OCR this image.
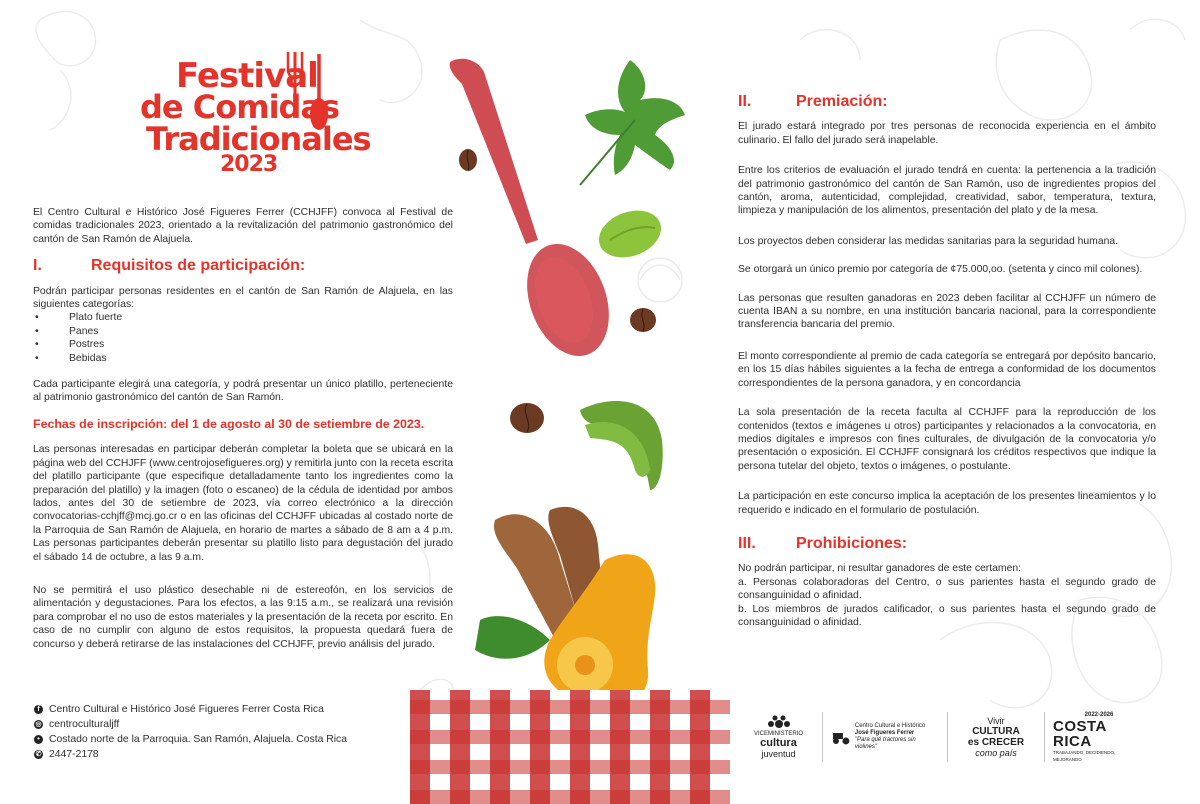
Festival
de Comidas
Tradicionales
2023

El Centro Cultural e Histórico José Figueres Ferrer (CCHJFF) convoca al Festival de comidas tradicionales 2023, orientado a la revitalización del patrimonio gastronómico del cantón de San Ramón de Alajuela.

I.	Requisitos de participación:

Podrán participar personas residentes en el cantón de San Ramón de Alajuela, en las siguientes categorías:

•	Plato fuerte
•	Panes
•	Postres
•	Bebidas

Cada participante elegirá una categoría, y podrá presentar un único platillo, perteneciente al patrimonio gastronómico del cantón de San Ramón.

Fechas de inscripción: del 1 de agosto al 30 de setiembre de 2023.

Las personas interesadas en participar deberán completar la boleta que se ubicará en la página web del CCHJFF (www.centrojosefigueres.org) y remitirla junto con la receta escrita del platillo participante (que especifique detalladamente tanto los ingredientes como la preparación del platillo) y la imagen (foto o escaneo) de la cédula de identidad por ambos lados, antes del 30 de setiembre de 2023, vía correo electrónico a la dirección convocatorias-cchjff@mcj.go.cr o en las oficinas del CCHJFF ubicadas al costado norte de la Parroquia de San Ramón de Alajuela, en horario de martes a sábado de 8 am a 4 p.m. Las personas participantes deberán presentar su platillo listo para degustación del jurado el sábado 14 de octubre, a las 9 a.m.

No se permitirá el uso plástico desechable ni de estereofón, en los servicios de alimentación y degustaciones. Para los efectos, a las 9:15 a.m., se realizará una revisión para comprobar el no uso de estos materiales y la presentación de la receta por escrito. En caso de no cumplir con alguno de estos requisitos, la propuesta quedará fuera de concurso y deberá retirarse de las instalaciones del CCHJFF, previo análisis del jurado.

f Centro Cultural e Histórico José Figueres Ferrer Costa Rica
◎ centroculturaljff
• Costado norte de la Parroquia. San Ramón, Alajuela. Costa Rica
✆ 2447-2178
II.	Premiación:

El jurado estará integrado por tres personas de reconocida experiencia en el ámbito culinario. El fallo del jurado será inapelable.

Entre los criterios de evaluación el jurado tendrá en cuenta: la pertenencia a la tradición del patrimonio gastronómico del cantón de San Ramón, uso de ingredientes propios del cantón, aroma, autenticidad, complejidad, creatividad, sabor, temperatura, textura, limpieza y manipulación de los alimentos, presentación del plato y de la mesa.

Los proyectos deben considerar las medidas sanitarias para la seguridad humana.

Se otorgará un único premio por categoría de ¢75.000,oo. (setenta y cinco mil colones).

Las personas que resulten ganadoras en 2023 deben facilitar al CCHJFF un número de cuenta IBAN a su nombre, en una institución bancaria nacional, para la correspondiente transferencia bancaria del premio.

El monto correspondiente al premio de cada categoría se entregará por depósito bancario, en los 15 días hábiles siguientes a la fecha de entrega a conformidad de los documentos correspondientes de la persona ganadora, y en concordancia

La sola presentación de la receta faculta al CCHJFF para la reproducción de los contenidos (textos e imágenes u otros) participantes y relacionados a la convocatoria, en medios digitales e impresos con fines culturales, de divulgación de la convocatoria y/o presentación o exposición. El CCHJFF consignará los créditos respectivos que indique la persona tutelar del objeto, textos o imágenes, o postulante.

La participación en este concurso implica la aceptación de los presentes lineamientos y lo requerido e indicado en el formulario de postulación.

III.	Prohibiciones:

No podrán participar, ni resultar ganadores de este certamen:

a. Personas colaboradoras del Centro, o sus parientes hasta el segundo grado de consanguinidad o afinidad.

b. Los miembros de jurados calificador, o sus parientes hasta el segundo grado de consanguinidad o afinidad.

VICEMINISTERIO
cultura
juventud
Centro Cultural e Histórico
José Figueres Ferrer
"Para qué tractores sin violines"
Vivir
CULTURA
es CRECER
como país
2022-2026
COSTA RICA
TRABAJANDO, DECIDIENDO, MEJORANDO
